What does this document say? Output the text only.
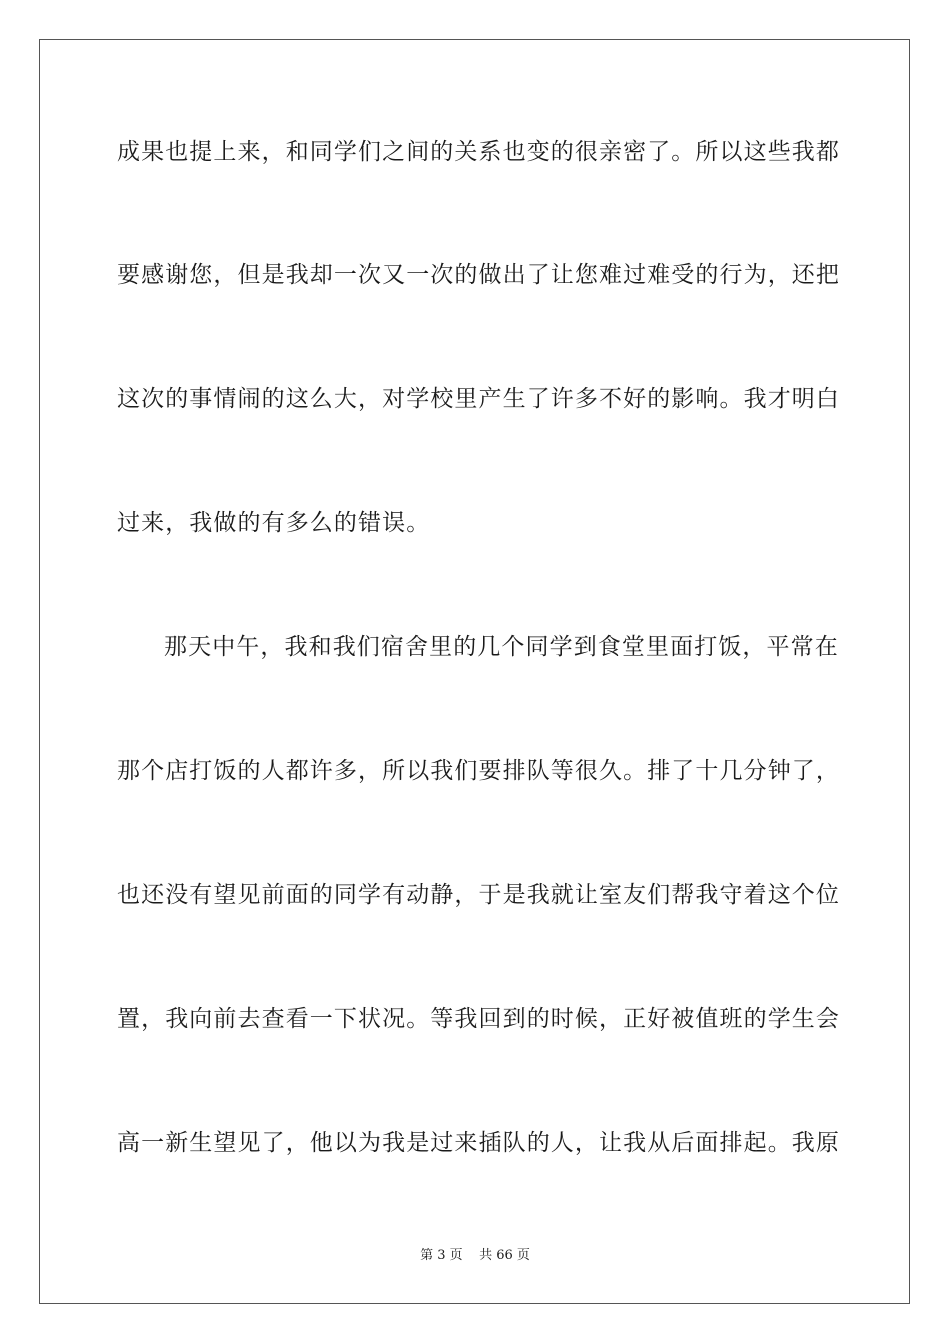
成果也提上来，和同学们之间的关系也变的很亲密了。所以这些我都
要感谢您，但是我却一次又一次的做出了让您难过难受的行为，还把
这次的事情闹的这么大，对学校里产生了许多不好的影响。我才明白
过来，我做的有多么的错误。
那天中午，我和我们宿舍里的几个同学到食堂里面打饭，平常在
那个店打饭的人都许多，所以我们要排队等很久。排了十几分钟了，
也还没有望见前面的同学有动静，于是我就让室友们帮我守着这个位
置，我向前去查看一下状况。等我回到的时候，正好被值班的学生会
高一新生望见了，他以为我是过来插队的人，让我从后面排起。我原
第 3 页    共 66 页
